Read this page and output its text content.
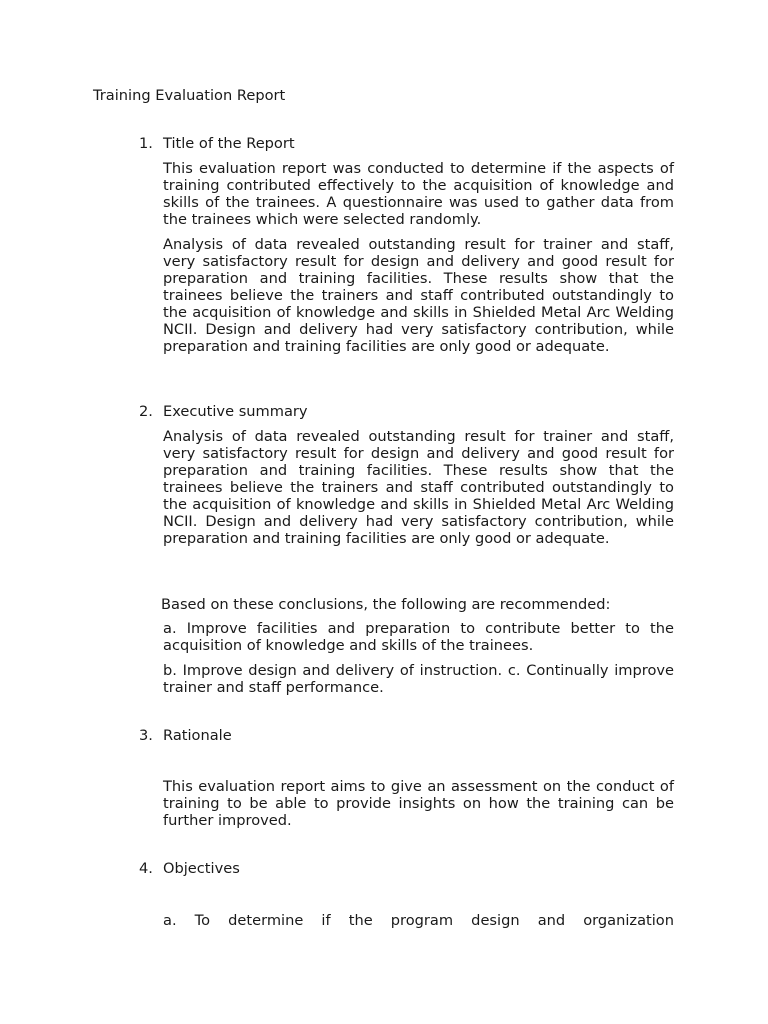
Training Evaluation Report
1. Title of the Report
This evaluation report was conducted to determine if the aspects of training contributed effectively to the acquisition of knowledge and skills of the trainees. A questionnaire was used to gather data from the trainees which were selected randomly.
Analysis of data revealed outstanding result for trainer and staff, very satisfactory result for design and delivery and good result for preparation and training facilities. These results show that the trainees believe the trainers and staff contributed outstandingly to the acquisition of knowledge and skills in Shielded Metal Arc Welding NCII. Design and delivery had very satisfactory contribution, while preparation and training facilities are only good or adequate.
2. Executive summary
Analysis of data revealed outstanding result for trainer and staff, very satisfactory result for design and delivery and good result for preparation and training facilities. These results show that the trainees believe the trainers and staff contributed outstandingly to the acquisition of knowledge and skills in Shielded Metal Arc Welding NCII. Design and delivery had very satisfactory contribution, while preparation and training facilities are only good or adequate.
Based on these conclusions, the following are recommended:
a. Improve facilities and preparation to contribute better to the acquisition of knowledge and skills of the trainees.
b. Improve design and delivery of instruction. c. Continually improve trainer and staff performance.
3. Rationale
This evaluation report aims to give an assessment on the conduct of training to be able to provide insights on how the training can be further improved.
4. Objectives
a. To determine if the program design and organization
